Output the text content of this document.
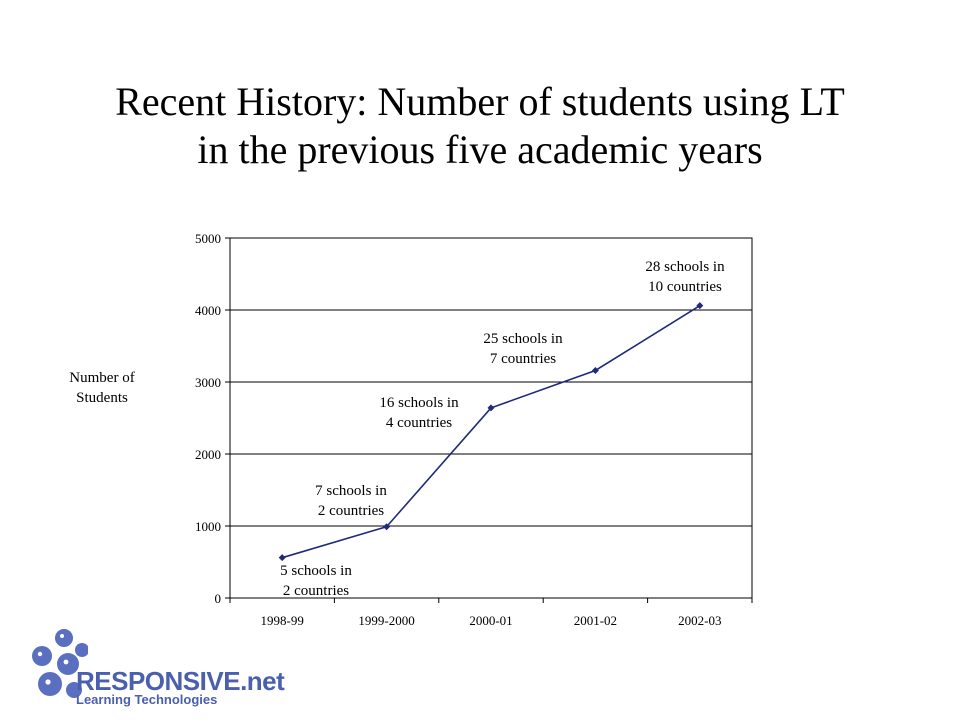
Recent History: Number of students using LT
in the previous five academic years
Number of
Students
0
1000
2000
3000
4000
5000
1998-99	1999-2000	2000-01	2001-02	2002-03
5 schools in
2 countries
7 schools in
2 countries
16 schools in
4 countries
25 schools in
7 countries
28 schools in
10 countries
RESPONSIVE.net
Learning Technologies
